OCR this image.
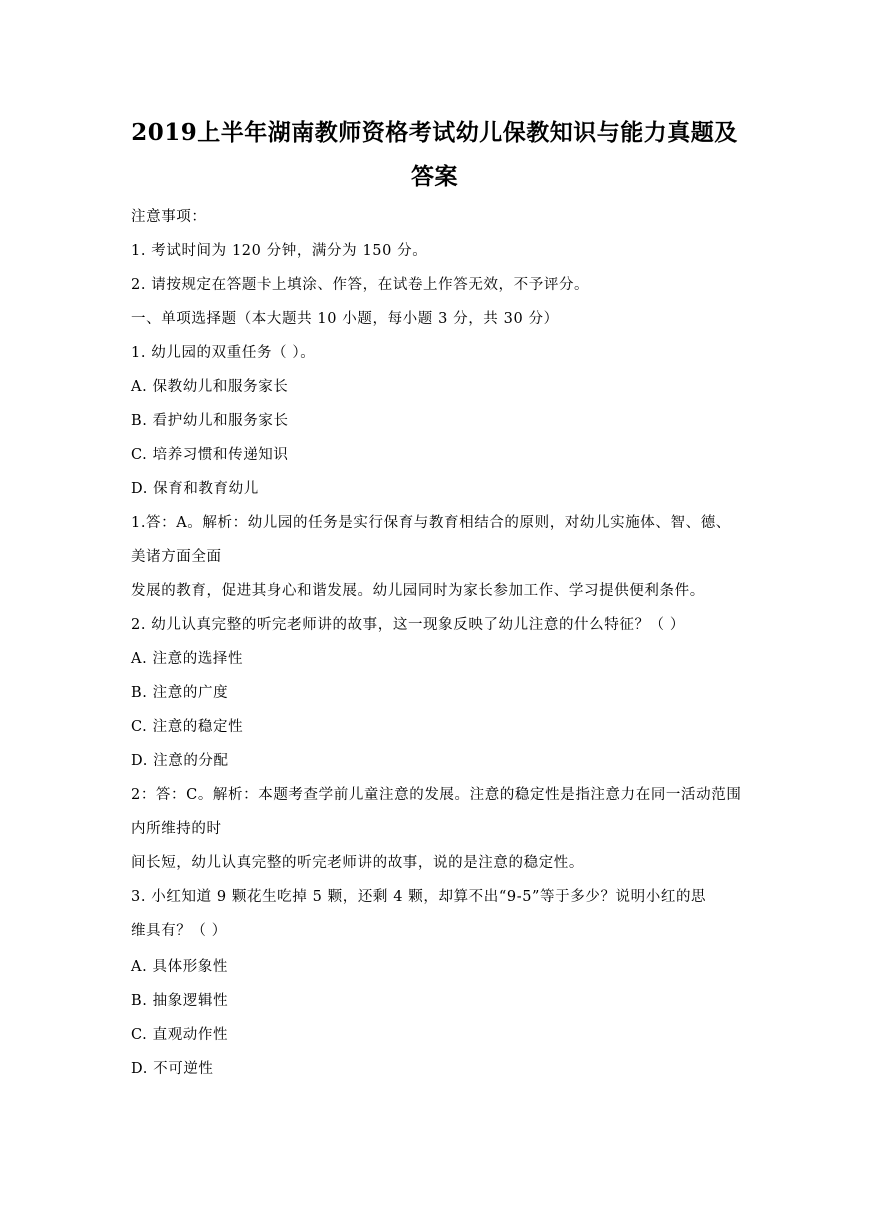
2019上半年湖南教师资格考试幼儿保教知识与能力真题及
答案
注意事项：
1. 考试时间为 120 分钟，满分为 150 分。
2. 请按规定在答题卡上填涂、作答，在试卷上作答无效，不予评分。
一、单项选择题（本大题共 10 小题，每小题 3 分，共 30 分）
1. 幼儿园的双重任务（ ）。
A. 保教幼儿和服务家长
B. 看护幼儿和服务家长
C. 培养习惯和传递知识
D. 保育和教育幼儿
1.答：A。解析：幼儿园的任务是实行保育与教育相结合的原则，对幼儿实施体、智、德、
美诸方面全面
发展的教育，促进其身心和谐发展。幼儿园同时为家长参加工作、学习提供便利条件。
2. 幼儿认真完整的听完老师讲的故事，这一现象反映了幼儿注意的什么特征？（ ）
A. 注意的选择性
B. 注意的广度
C. 注意的稳定性
D. 注意的分配
2：答：C。解析：本题考查学前儿童注意的发展。注意的稳定性是指注意力在同一活动范围
内所维持的时
间长短，幼儿认真完整的听完老师讲的故事，说的是注意的稳定性。
3. 小红知道 9 颗花生吃掉 5 颗，还剩 4 颗，却算不出“9-5”等于多少？说明小红的思
维具有？（ ）
A. 具体形象性
B. 抽象逻辑性
C. 直观动作性
D. 不可逆性
